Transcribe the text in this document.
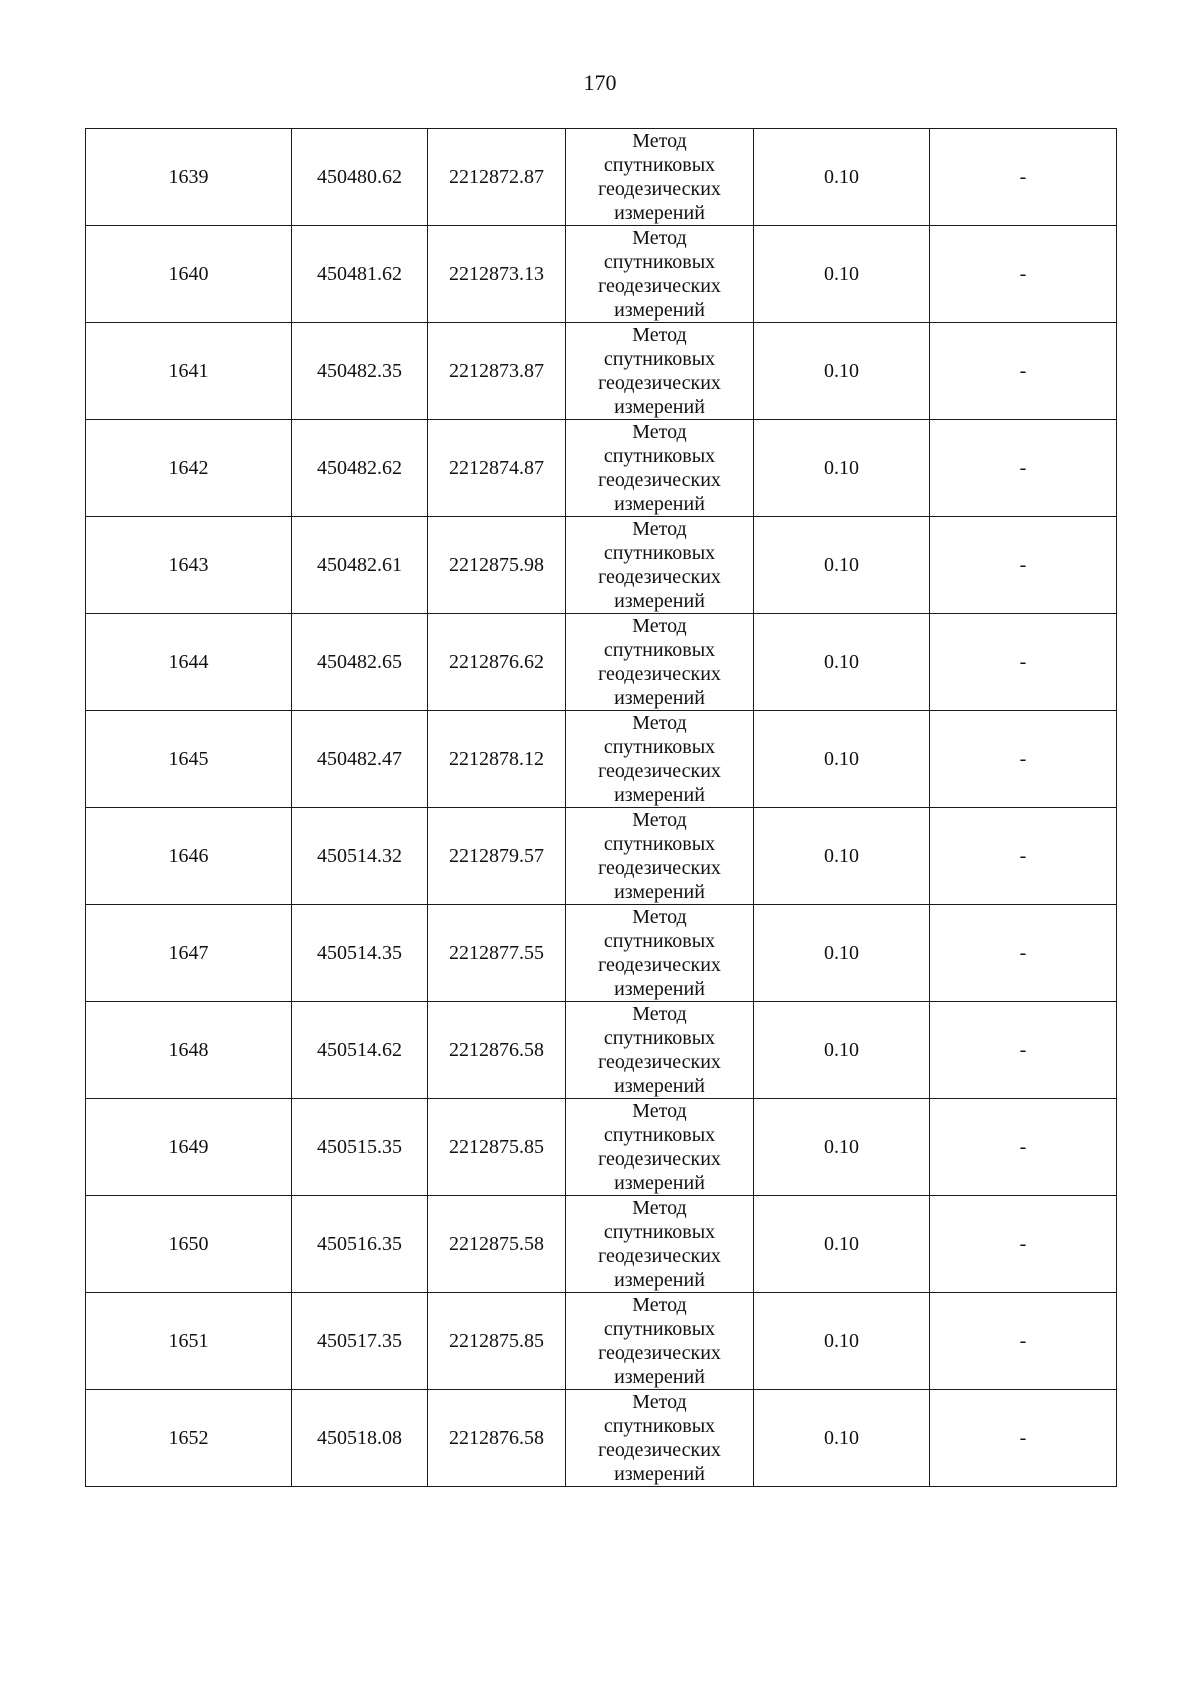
170
1639	450480.62	2212872.87	Метод
спутниковых
геодезических
измерений	0.10	-
1640	450481.62	2212873.13	Метод
спутниковых
геодезических
измерений	0.10	-
1641	450482.35	2212873.87	Метод
спутниковых
геодезических
измерений	0.10	-
1642	450482.62	2212874.87	Метод
спутниковых
геодезических
измерений	0.10	-
1643	450482.61	2212875.98	Метод
спутниковых
геодезических
измерений	0.10	-
1644	450482.65	2212876.62	Метод
спутниковых
геодезических
измерений	0.10	-
1645	450482.47	2212878.12	Метод
спутниковых
геодезических
измерений	0.10	-
1646	450514.32	2212879.57	Метод
спутниковых
геодезических
измерений	0.10	-
1647	450514.35	2212877.55	Метод
спутниковых
геодезических
измерений	0.10	-
1648	450514.62	2212876.58	Метод
спутниковых
геодезических
измерений	0.10	-
1649	450515.35	2212875.85	Метод
спутниковых
геодезических
измерений	0.10	-
1650	450516.35	2212875.58	Метод
спутниковых
геодезических
измерений	0.10	-
1651	450517.35	2212875.85	Метод
спутниковых
геодезических
измерений	0.10	-
1652	450518.08	2212876.58	Метод
спутниковых
геодезических
измерений	0.10	-
